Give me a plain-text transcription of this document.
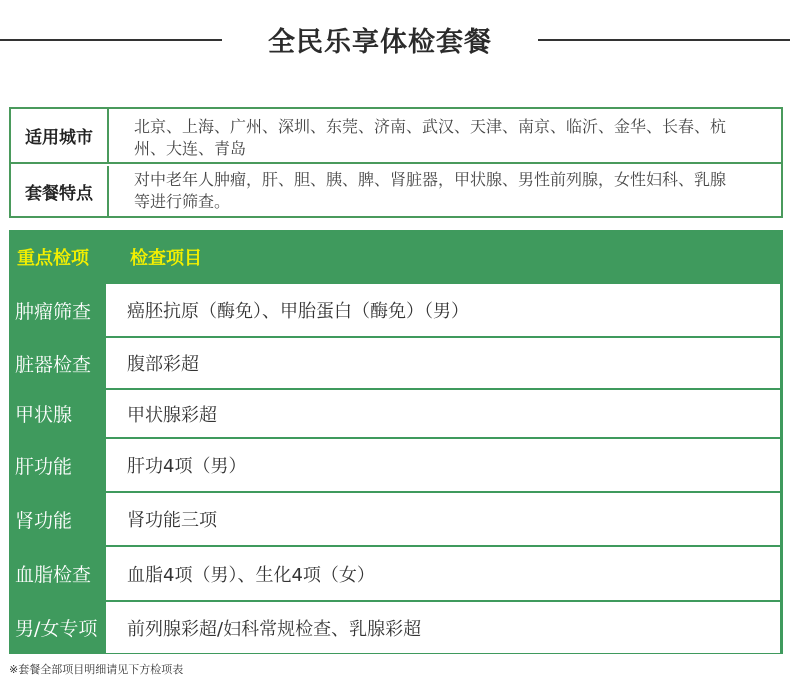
全民乐享体检套餐
适用城市
北京、上海、广州、深圳、东莞、济南、武汉、天津、南京、临沂、金华、长春、杭州、大连、青岛
套餐特点
对中老年人肿瘤，肝、胆、胰、脾、肾脏器，甲状腺、男性前列腺，女性妇科、乳腺等进行筛查。
重点检项	检查项目
肿瘤筛查	癌胚抗原（酶免）、甲胎蛋白（酶免）（男）
脏器检查	腹部彩超
甲状腺	甲状腺彩超
肝功能	肝功4项（男）
肾功能	肾功能三项
血脂检查	血脂4项（男）、生化4项（女）
男/女专项	前列腺彩超/妇科常规检查、乳腺彩超
※套餐全部项目明细请见下方检项表
